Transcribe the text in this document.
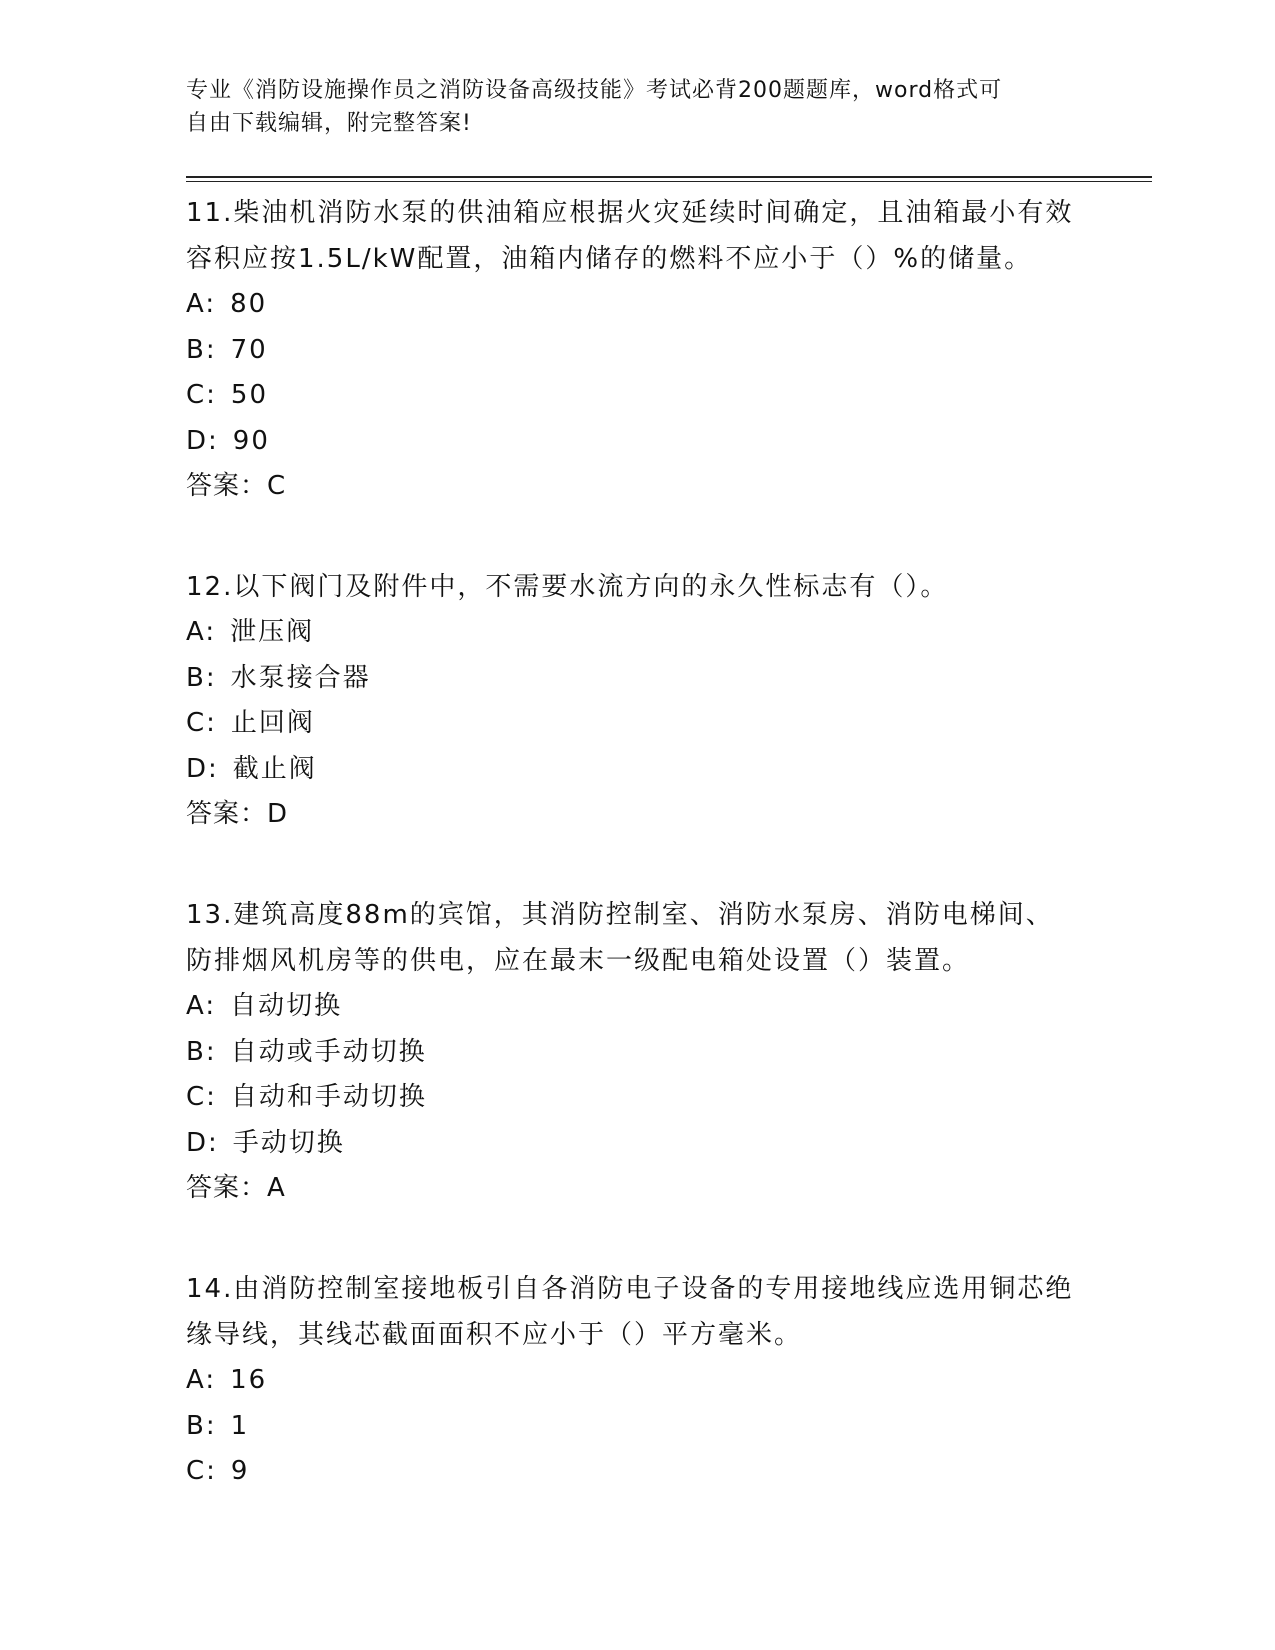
专业《消防设施操作员之消防设备高级技能》考试必背200题题库，word格式可
自由下载编辑，附完整答案!

11.柴油机消防水泵的供油箱应根据火灾延续时间确定，且油箱最小有效容积应按1.5L/kW配置，油箱内储存的燃料不应小于（）%的储量。

A: 80

B: 70

C: 50

D: 90

答案：C

12.以下阀门及附件中，不需要水流方向的永久性标志有（）。

A: 泄压阀

B: 水泵接合器

C: 止回阀

D: 截止阀

答案：D

13.建筑高度88m的宾馆，其消防控制室、消防水泵房、消防电梯间、防排烟风机房等的供电，应在最末一级配电箱处设置（）装置。

A: 自动切换

B: 自动或手动切换

C: 自动和手动切换

D: 手动切换

答案：A

14.由消防控制室接地板引自各消防电子设备的专用接地线应选用铜芯绝缘导线，其线芯截面面积不应小于（）平方毫米。

A: 16

B: 1

C: 9
